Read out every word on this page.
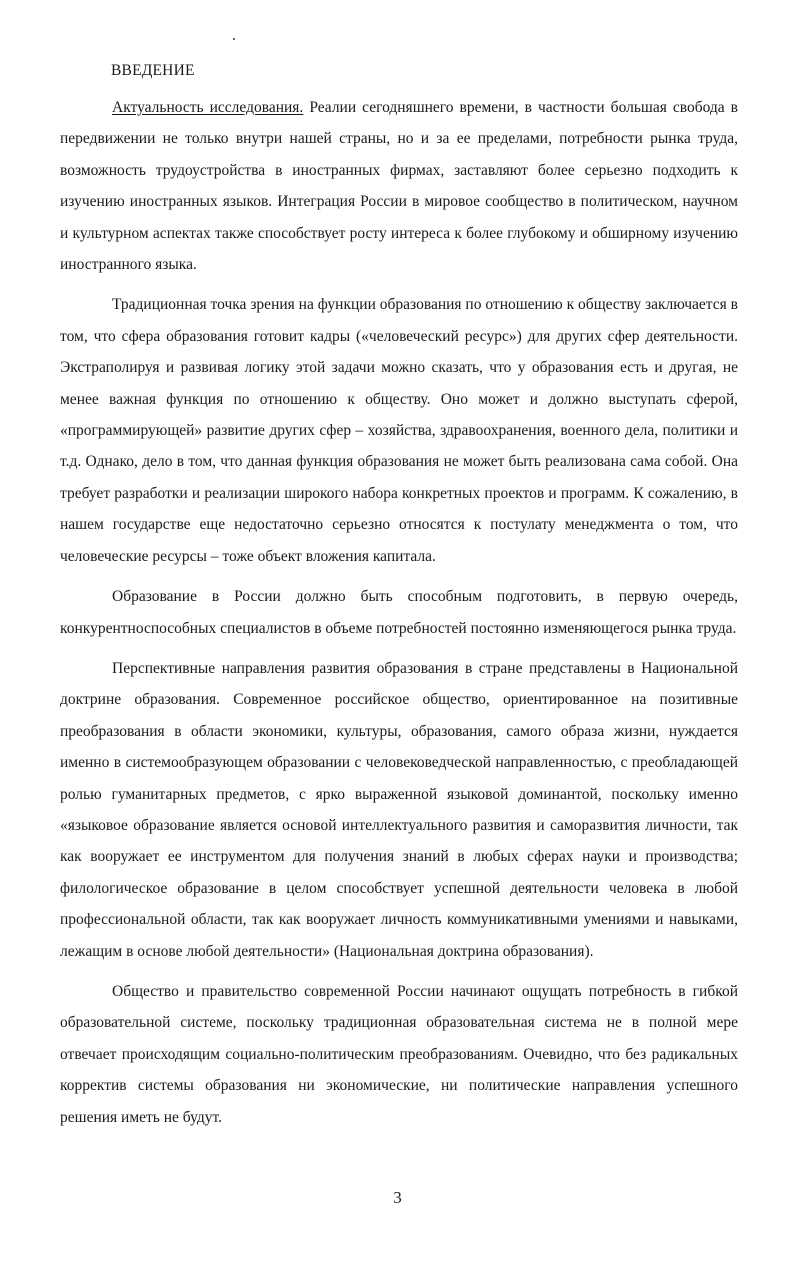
ВВЕДЕНИЕ

Актуальность исследования. Реалии сегодняшнего времени, в частности большая свобода в передвижении не только внутри нашей страны, но и за ее пределами, потребности рынка труда, возможность трудоустройства в иностранных фирмах, заставляют более серьезно подходить к изучению иностранных языков. Интеграция России в мировое сообщество в политическом, научном и культурном аспектах также способствует росту интереса к более глубокому и обширному изучению иностранного языка.

Традиционная точка зрения на функции образования по отношению к обществу заключается в том, что сфера образования готовит кадры («человеческий ресурс») для других сфер деятельности. Экстраполируя и развивая логику этой задачи можно сказать, что у образования есть и другая, не менее важная функция по отношению к обществу. Оно может и должно выступать сферой, «программирующей» развитие других сфер – хозяйства, здравоохранения, военного дела, политики и т.д. Однако, дело в том, что данная функция образования не может быть реализована сама собой. Она требует разработки и реализации широкого набора конкретных проектов и программ. К сожалению, в нашем государстве еще недостаточно серьезно относятся к постулату менеджмента о том, что человеческие ресурсы – тоже объект вложения капитала.

Образование в России должно быть способным подготовить, в первую очередь, конкурентноспособных специалистов в объеме потребностей постоянно изменяющегося рынка труда.

Перспективные направления развития образования в стране представлены в Национальной доктрине образования. Современное российское общество, ориентированное на позитивные преобразования в области экономики, культуры, образования, самого образа жизни, нуждается именно в системообразующем образовании с человековедческой направленностью, с преобладающей ролью гуманитарных предметов, с ярко выраженной языковой доминантой, поскольку именно «языковое образование является основой интеллектуального развития и саморазвития личности, так как вооружает ее инструментом для получения знаний в любых сферах науки и производства; филологическое образование в целом способствует успешной деятельности человека в любой профессиональной области, так как вооружает личность коммуникативными умениями и навыками, лежащим в основе любой деятельности» (Национальная доктрина образования).

Общество и правительство современной России начинают ощущать потребность в гибкой образовательной системе, поскольку традиционная образовательная система не в полной мере отвечает происходящим социально-политическим преобразованиям. Очевидно, что без радикальных корректив системы образования ни экономические, ни политические направления успешного решения иметь не будут.

3
